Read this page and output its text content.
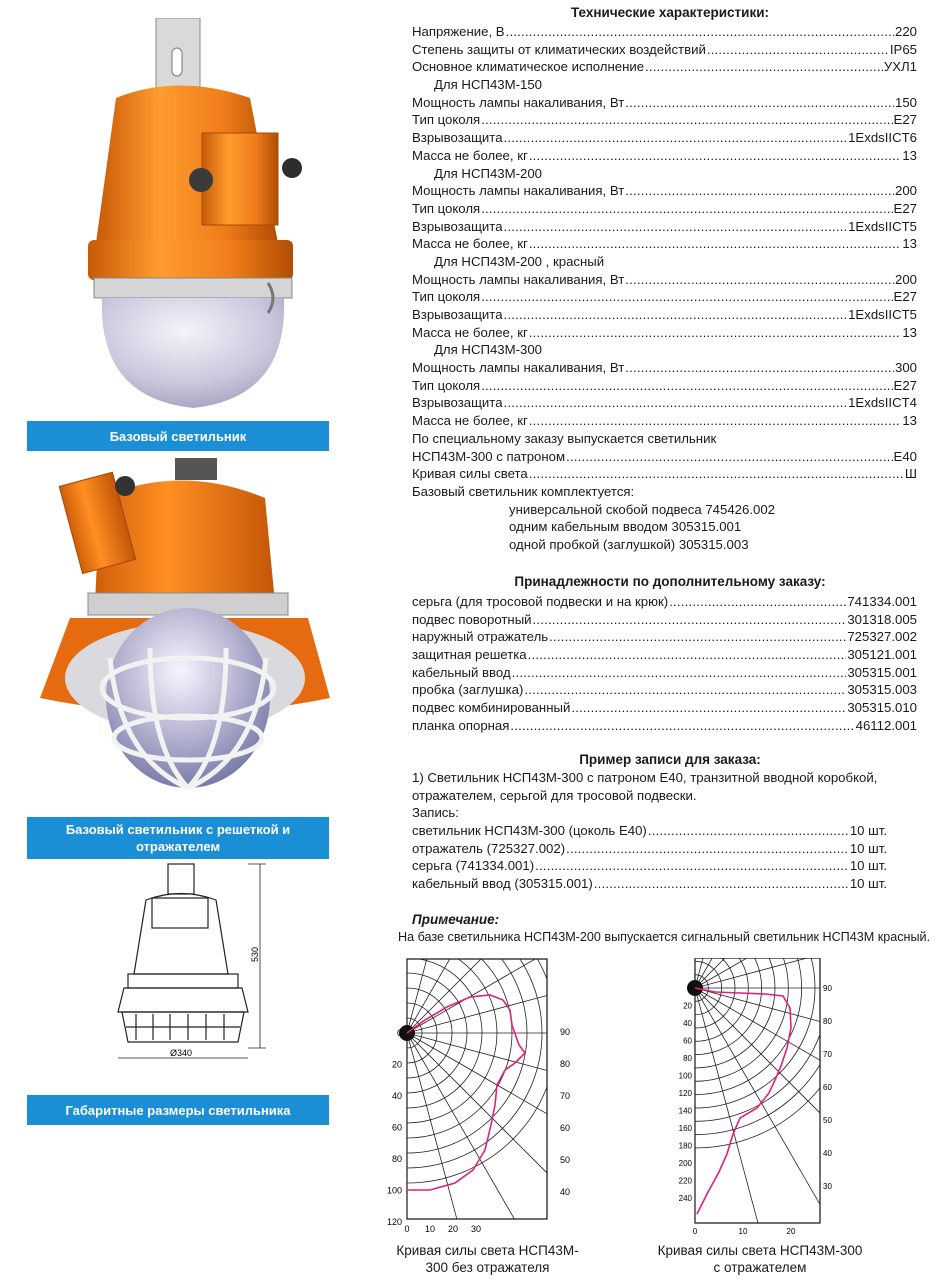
Базовый светильник
Базовый светильник с решеткой и отражателем
530
Ø340
Габаритные размеры светильника
Технические характеристики:
Напряжение, В .....	220
Степень защиты от климатических воздействий .....	IP65
Основное климатическое исполнение .....	УХЛ1
Для НСП43М-150
Мощность лампы накаливания, Вт .....	150
Тип цоколя .....	E27
Взрывозащита .....	1ExdsIICT6
Масса не более, кг .....	13
Для НСП43М-200
Мощность лампы накаливания, Вт .....	200
Тип цоколя .....	E27
Взрывозащита .....	1ExdsIICT5
Масса не более, кг .....	13
Для НСП43М-200 , красный
Мощность лампы накаливания, Вт .....	200
Тип цоколя .....	E27
Взрывозащита .....	1ExdsIICT5
Масса не более, кг .....	13
Для НСП43М-300
Мощность лампы накаливания, Вт .....	300
Тип цоколя .....	E27
Взрывозащита .....	1ExdsIICT4
Масса не более, кг .....	13
По специальному заказу выпускается светильник
НСП43М-300 с патроном .....	E40
Кривая силы света .....	Ш
Базовый светильник комплектуется:
универсальной скобой подвеса 745426.002
одним кабельным вводом 305315.001
одной пробкой (заглушкой) 305315.003
Принадлежности по дополнительному заказу:
серьга (для тросовой подвески и на крюк) .....	741334.001
подвес поворотный .....	301318.005
наружный отражатель .....	725327.002
защитная решетка .....	305121.001
кабельный ввод .....	305315.001
пробка (заглушка) .....	305315.003
подвес комбинированный .....	305315.010
планка опорная .....	46112.001
Пример записи для заказа:
1) Светильник НСП43М-300 с патроном Е40, транзитной вводной коробкой,
отражателем, серьгой для тросовой подвески.
Запись:
светильник НСП43М-300 (цоколь Е40) .....	10 шт.
отражатель (725327.002) .....	10 шт.
серьга (741334.001) .....	10 шт.
кабельный ввод (305315.001) .....	10 шт.
Примечание:
На базе светильника НСП43М-200 выпускается сигнальный светильник НСП43М красный.
0
20
40
60
80
100
120
90
80
70
60
50
40
0 10 20 30
Кривая силы света НСП43М-
300 без отражателя
0
20
40
60
80
100
120
140
160
180
200
220
240
90
80
70
60
50
40
30
0	10	20
Кривая силы света НСП43М-300
с отражателем
